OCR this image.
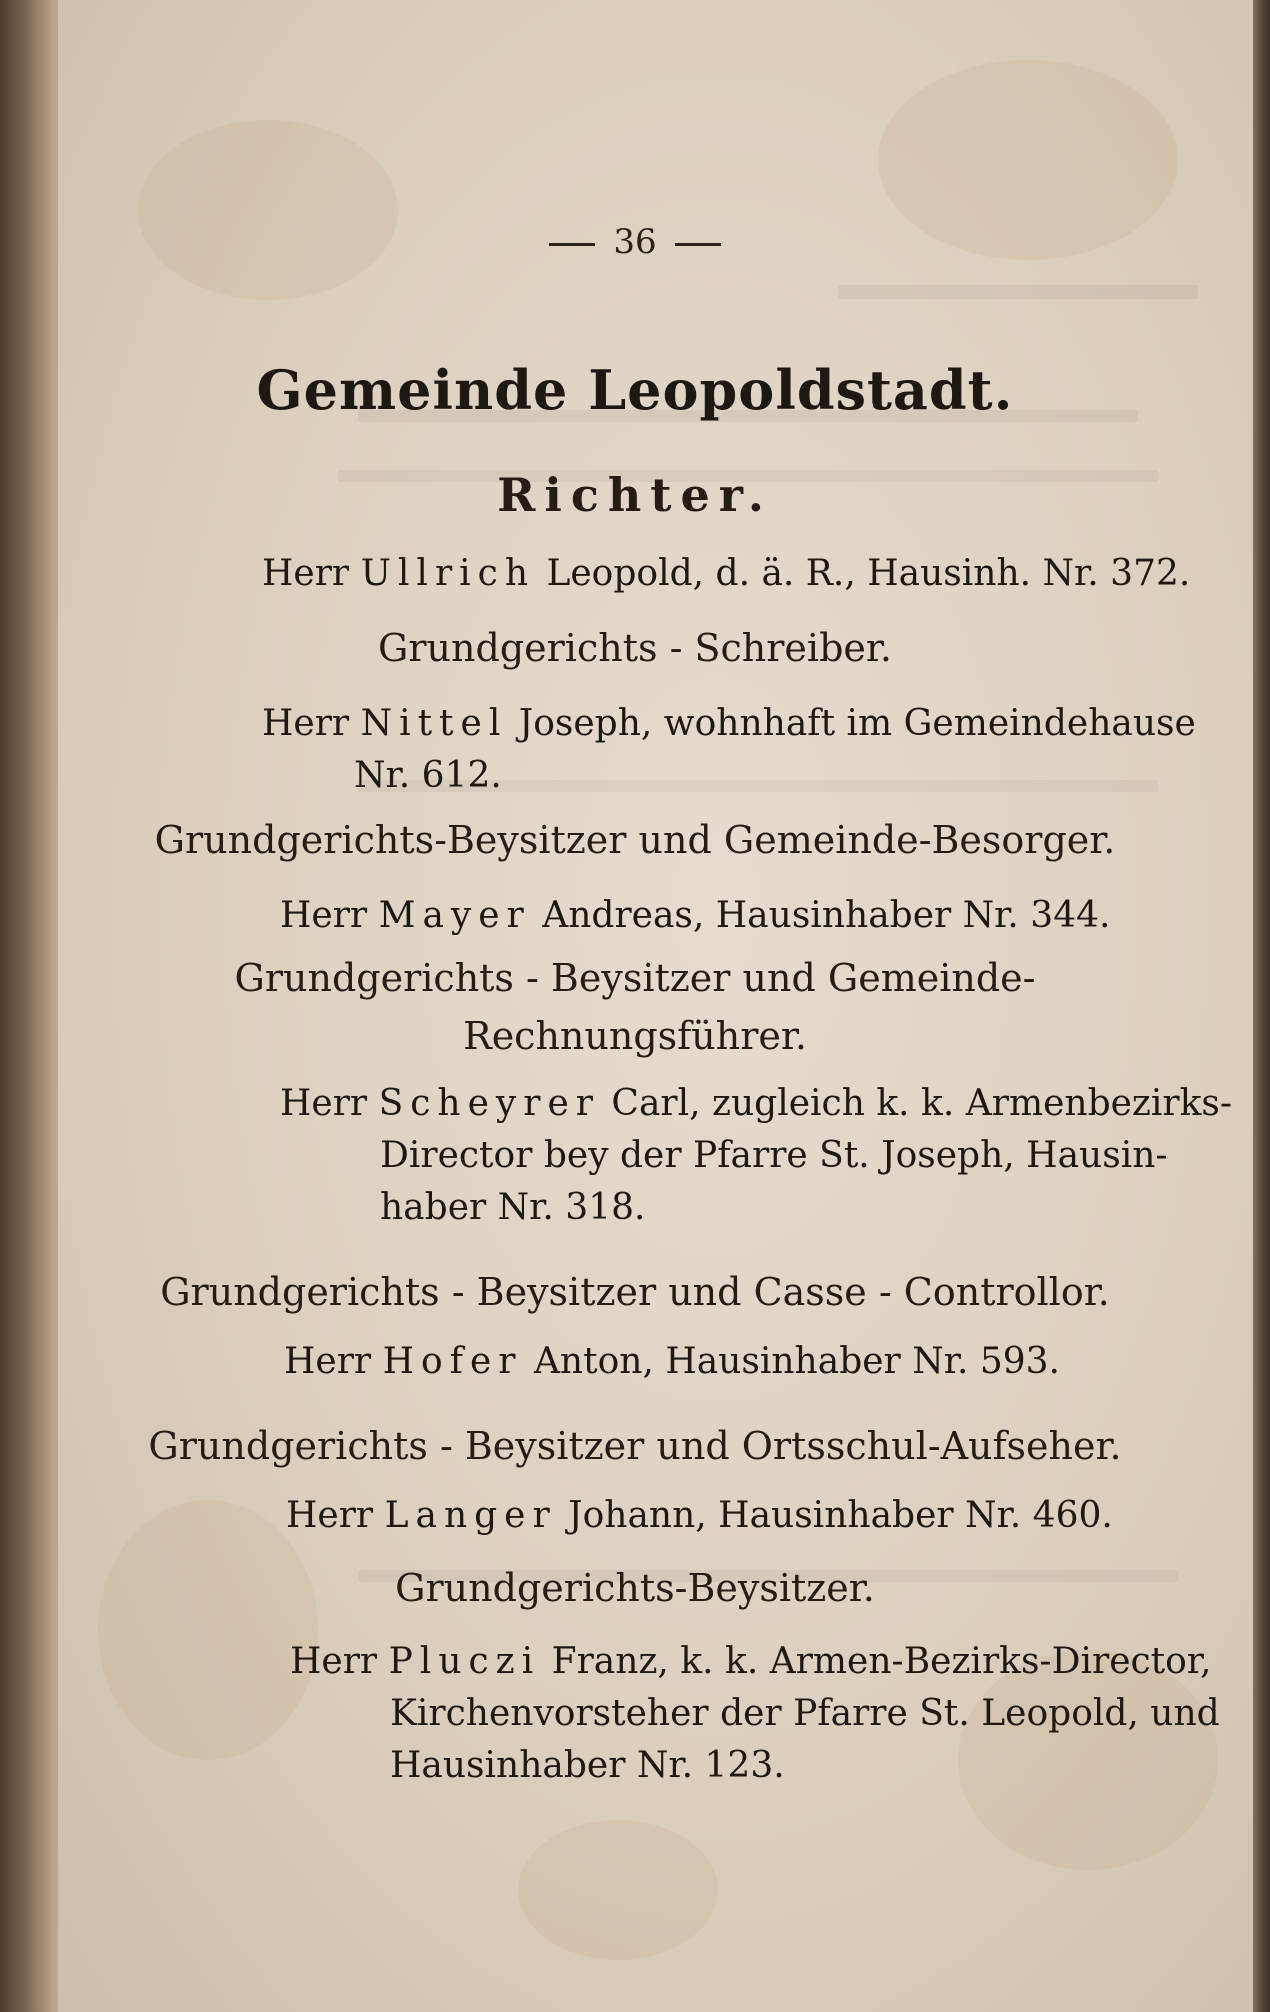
36
Gemeinde Leopoldstadt.
Richter.
Herr Ullrich Leopold, d. ä. R., Hausinh. Nr. 372.
Grundgerichts - Schreiber.
Herr Nittel Joseph, wohnhaft im Gemeindehause
Nr. 612.
Grundgerichts-Beysitzer und Gemeinde-Besorger.
Herr Mayer Andreas, Hausinhaber Nr. 344.
Grundgerichts - Beysitzer und Gemeinde-
Rechnungsführer.
Herr Scheyrer Carl, zugleich k. k. Armenbezirks-
Director bey der Pfarre St. Joseph, Hausin-
haber Nr. 318.
Grundgerichts - Beysitzer und Casse - Controllor.
Herr Hofer Anton, Hausinhaber Nr. 593.
Grundgerichts - Beysitzer und Ortsschul-Aufseher.
Herr Langer Johann, Hausinhaber Nr. 460.
Grundgerichts-Beysitzer.
Herr Pluczi Franz, k. k. Armen-Bezirks-Director,
Kirchenvorsteher der Pfarre St. Leopold, und
Hausinhaber Nr. 123.
